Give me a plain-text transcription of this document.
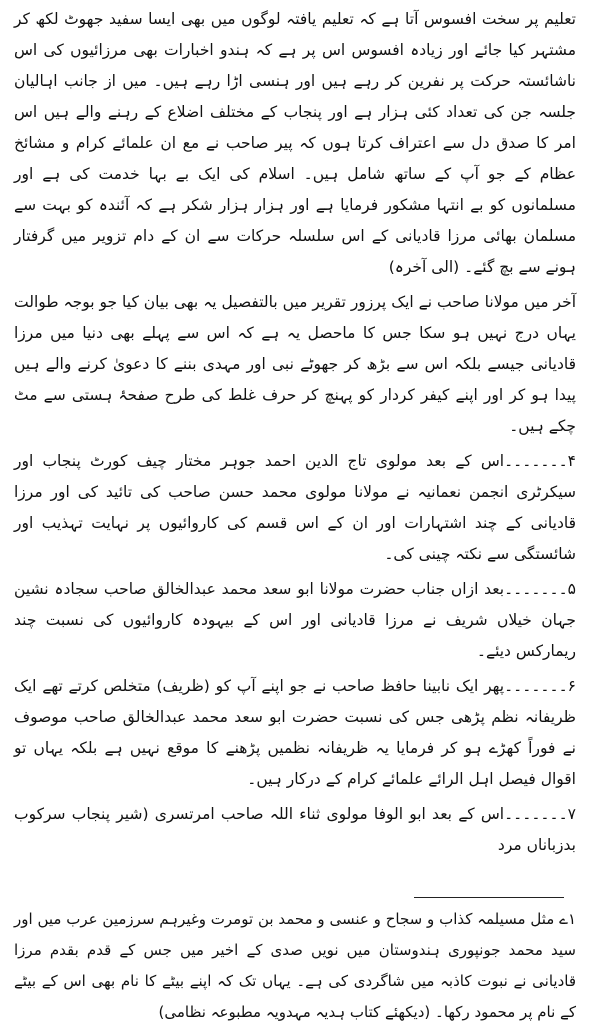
تعلیم پر سخت افسوس آتا ہے کہ تعلیم یافتہ لوگوں میں بھی ایسا سفید جھوٹ لکھ کر مشتہر کیا جائے اور زیادہ افسوس اس پر ہے کہ ہندو اخبارات بھی مرزائیوں کی اس ناشائستہ حرکت پر نفرین کر رہے ہیں اور ہنسی اڑا رہے ہیں۔ میں از جانب اہالیان جلسہ جن کی تعداد کئی ہزار ہے اور پنجاب کے مختلف اضلاع کے رہنے والے ہیں اس امر کا صدق دل سے اعتراف کرتا ہوں کہ پیر صاحب نے مع ان علمائے کرام و مشائخ عظام کے جو آپ کے ساتھ شامل ہیں۔ اسلام کی ایک بے بہا خدمت کی ہے اور مسلمانوں کو بے انتہا مشکور فرمایا ہے اور ہزار ہزار شکر ہے کہ آئندہ کو بہت سے مسلمان بھائی مرزا قادیانی کے اس سلسلہ حرکات سے ان کے دام تزویر میں گرفتار ہونے سے بچ گئے۔ (الی آخرہ)

آخر میں مولانا صاحب نے ایک پرزور تقریر میں بالتفصیل یہ بھی بیان کیا جو بوجہ طوالت یہاں درج نہیں ہو سکا جس کا ماحصل یہ ہے کہ اس سے پہلے بھی دنیا میں مرزا قادیانی جیسے بلکہ اس سے بڑھ کر جھوٹے نبی اور مہدی بننے کا دعویٰ کرنے والے ہیں پیدا ہو کر اور اپنے کیفر کردار کو پہنچ کر حرف غلط کی طرح صفحۂ ہستی سے مٹ چکے ہیں۔

۴۔۔۔۔۔۔۔اس کے بعد مولوی تاج الدین احمد جوہر مختار چیف کورٹ پنجاب اور سیکرٹری انجمن نعمانیہ نے مولانا مولوی محمد حسن صاحب کی تائید کی اور مرزا قادیانی کے چند اشتہارات اور ان کے اس قسم کی کاروائیوں پر نہایت تہذیب اور شائستگی سے نکتہ چینی کی۔

۵۔۔۔۔۔۔۔بعد ازاں جناب حضرت مولانا ابو سعد محمد عبدالخالق صاحب سجادہ نشین جہان خیلاں شریف نے مرزا قادیانی اور اس کے بیہودہ کاروائیوں کی نسبت چند ریمارکس دیئے۔

۶۔۔۔۔۔۔۔پھر ایک نابینا حافظ صاحب نے جو اپنے آپ کو (ظریف) متخلص کرتے تھے ایک ظریفانہ نظم پڑھی جس کی نسبت حضرت ابو سعد محمد عبدالخالق صاحب موصوف نے فوراً کھڑے ہو کر فرمایا یہ ظریفانہ نظمیں پڑھنے کا موقع نہیں ہے بلکہ یہاں تو اقوال فیصل اہل الرائے علمائے کرام کے درکار ہیں۔

۷۔۔۔۔۔۔۔اس کے بعد ابو الوفا مولوی ثناء اللہ صاحب امرتسری (شیر پنجاب سرکوب بدزباناں مرد

۱ے مثل مسیلمہ کذاب و سجاح و عنسی و محمد بن تومرت وغیرہم سرزمین عرب میں اور سید محمد جونپوری ہندوستان میں نویں صدی کے اخیر میں جس کے قدم بقدم مرزا قادیانی نے نبوت کاذبہ میں شاگردی کی ہے۔ یہاں تک کہ اپنے بیٹے کا نام بھی اس کے بیٹے کے نام پر محمود رکھا۔ (دیکھئے کتاب ہدیہ مہدویہ مطبوعہ نظامی)
